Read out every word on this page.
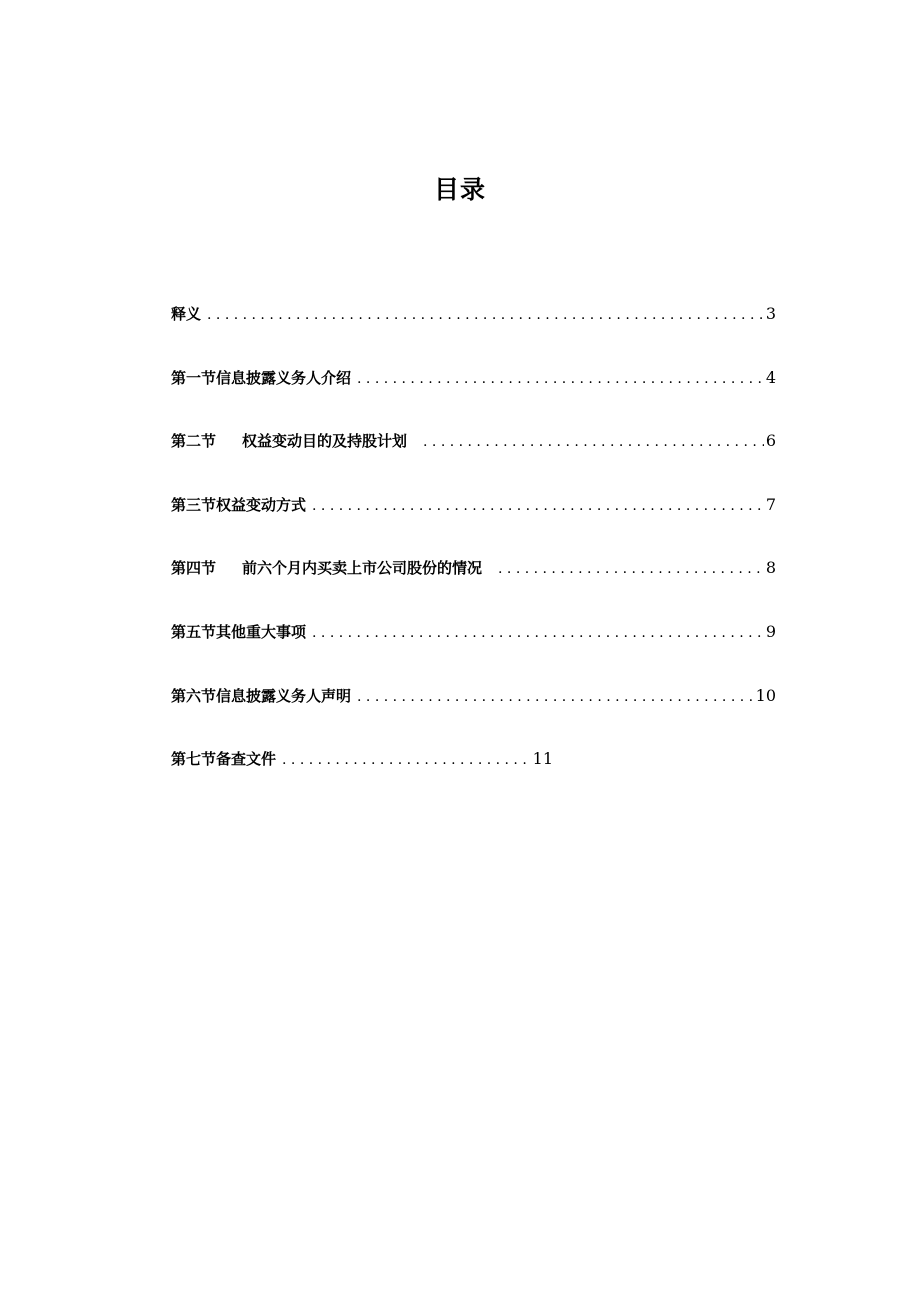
目录
释义 . . .	3
第一节信息披露义务人介绍 . . .	4
第二节 权益变动目的及持股计划 . . .	6
第三节权益变动方式 . . .	7
第四节 前六个月内买卖上市公司股份的情况 . . .	8
第五节其他重大事项 . . .	9
第六节信息披露义务人声明 . . .	10
第七节备查文件 . . .	11
